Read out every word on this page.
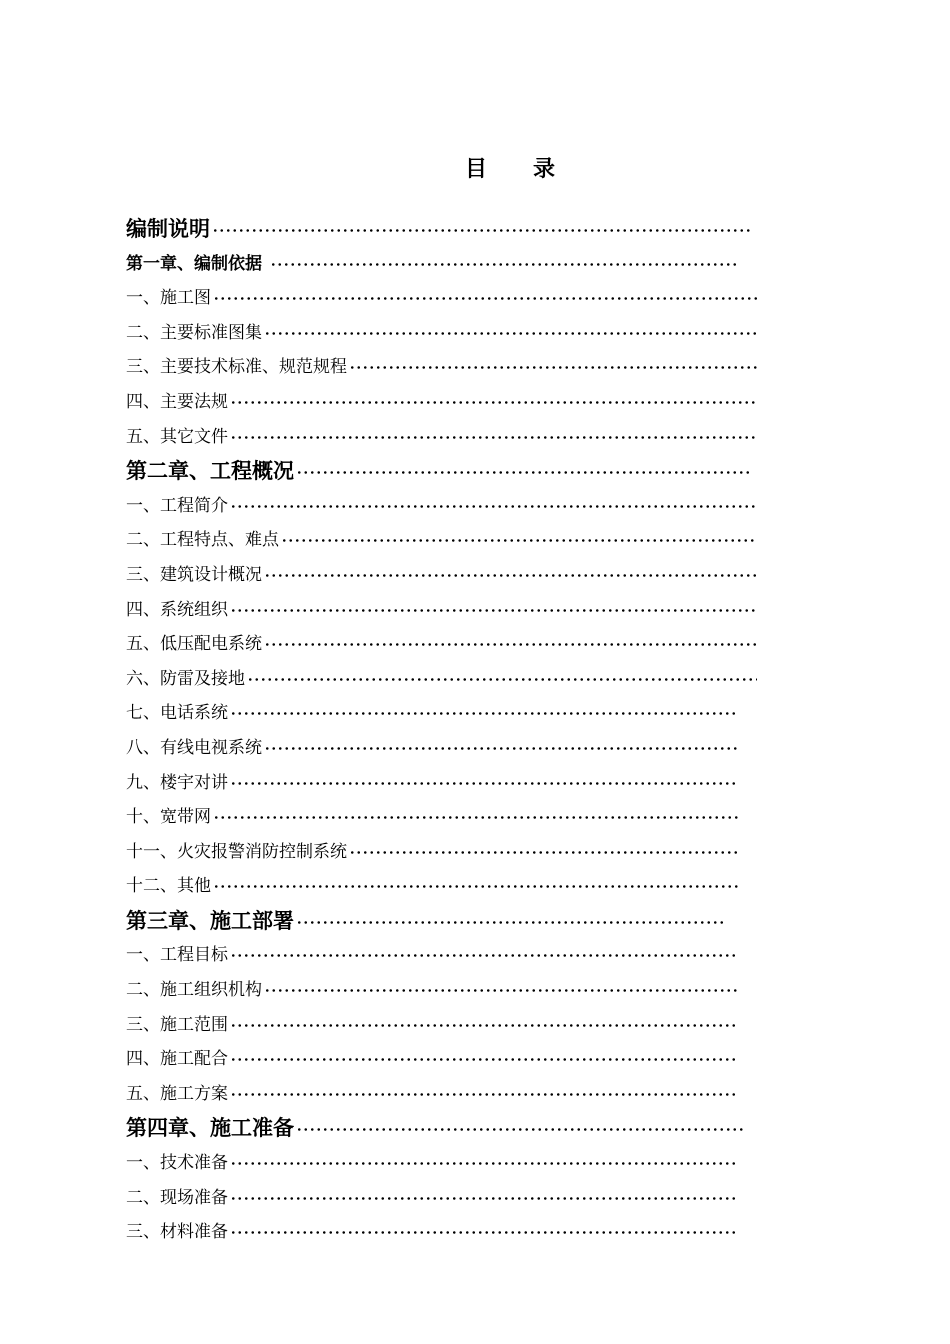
目 录
编制说明
第一章、编制依据
一、施工图
二、主要标准图集
三、主要技术标准、规范规程
四、主要法规
五、其它文件
第二章、工程概况
一、工程简介
二、工程特点、难点
三、建筑设计概况
四、系统组织
五、低压配电系统
六、防雷及接地
七、电话系统
八、有线电视系统
九、楼宇对讲
十、宽带网
十一、火灾报警消防控制系统
十二、其他
第三章、施工部署
一、工程目标
二、施工组织机构
三、施工范围
四、施工配合
五、施工方案
第四章、施工准备
一、技术准备
二、现场准备
三、材料准备
